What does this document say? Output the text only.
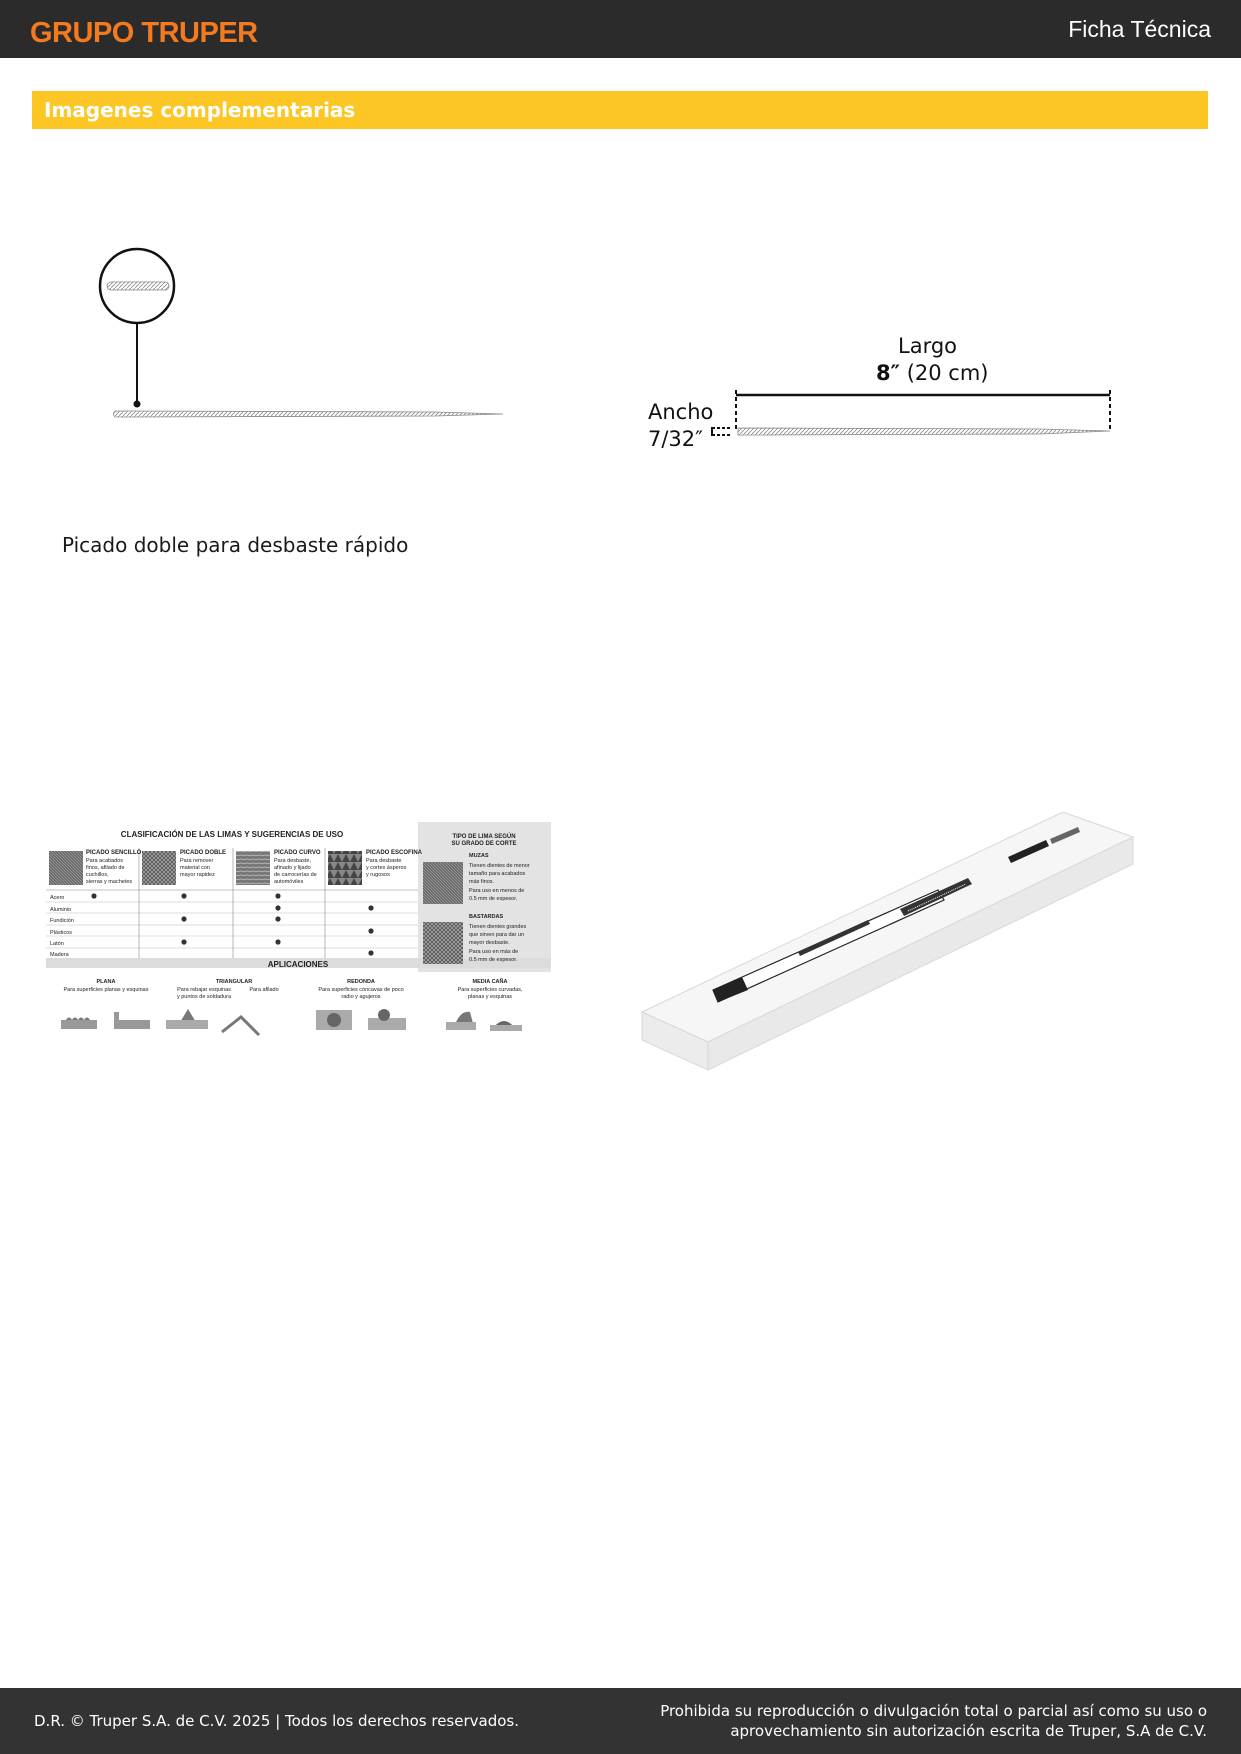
GRUPO TRUPER	Ficha Técnica
Imagenes complementarias
Largo
8″ (20 cm)
Ancho
7/32″
Picado doble para desbaste rápido
CLASIFICACIÓN DE LAS LIMAS Y SUGERENCIAS DE USO
PICADO SENCILLO
Para acabados
finos, afilado de
cuchillos,
sierras y machetes
PICADO DOBLE
Para remover
material con
mayor rapidez
PICADO CURVO
Para desbaste,
afinado y lijado
de carrocerías de
automóviles
PICADO ESCOFINA
Para desbaste
y cortes ásperos
y rugosos
Acero
Aluminio
Fundición
Plásticos
Latón
Madera
TIPO DE LIMA SEGÚN
SU GRADO DE CORTE
MUZAS
Tienen dientes de menor
tamaño para acabados
más finos.
Para uso en menos de
0.5 mm de espesor.
BASTARDAS
Tienen dientes grandes
que sirven para dar un
mayor desbaste.
Para uso en más de
0.5 mm de espesor.
APLICACIONES
PLANA
Para superficies planas y esquinas
TRIANGULAR
Para rebajar esquinas
y puntos de soldadura
Para afilado
REDONDA
Para superficies cóncavas de poco
radio y agujeros
MEDIA CAÑA
Para superficies curvadas,
planas y esquinas
D.R. © Truper S.A. de C.V. 2025 | Todos los derechos reservados.
Prohibida su reproducción o divulgación total o parcial así como su uso o
aprovechamiento sin autorización escrita de Truper, S.A de C.V.
